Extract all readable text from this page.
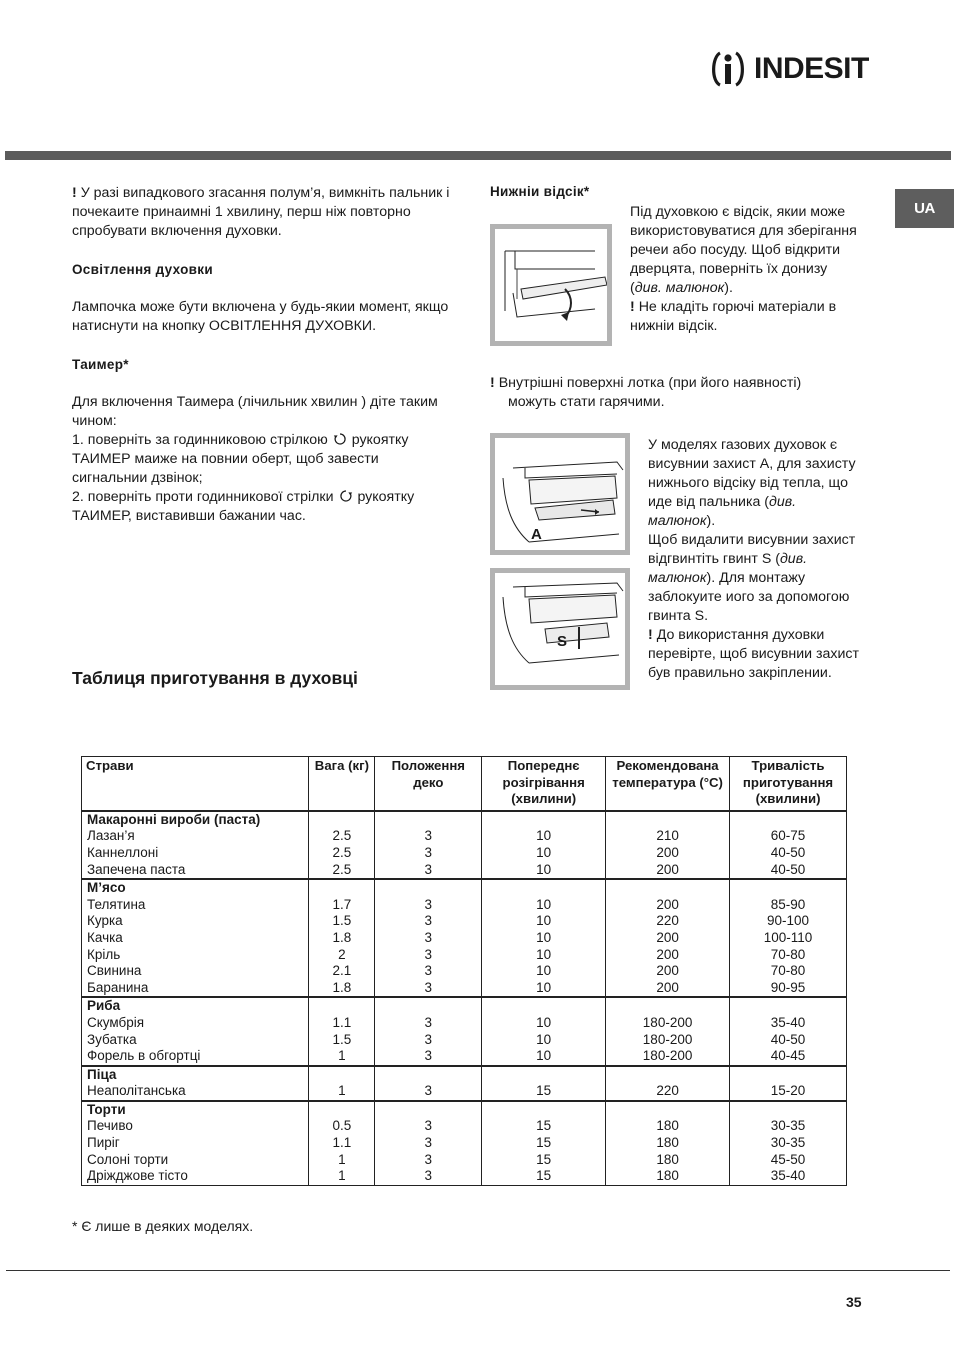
INDESIT
UA

! У разі випадкового згасання полум’я, вимкніть пальник і почекаите принаимні 1 хвилину, перш ніж повторно спробувати включення духовки.

Освітлення духовки

Лампочка може бути включена у будь-якии момент, якщо натиснути на кнопку ОСВІТЛЕННЯ ДУХОВКИ.

Таимер*

Для включення Таимера (лічильник хвилин ) діте таким чином:

1. поверніть за годинниковою стрілкою рукоятку ТАИМЕР маиже на повнии оберт, щоб завести сигнальнии дзвінок;

2. поверніть проти годинникової стрілки рукоятку ТАИМЕР, виставивши бажании час.

Нижніи відсік*

Під духовкою є відсік, якии може використовуватися для зберігання речеи або посуду. Щоб відкрити дверцята, поверніть їх донизу (див. малюнок).

! Не кладіть горючі матеріали в нижніи відсік.

! Внутрішні поверхні лотка (при його наявності) можуть стати гарячими.

A
S

У моделях газових духовок є висувнии захист А, для захисту нижнього відсіку від тепла, що иде від пальника (див. малюнок).

Щоб видалити висувнии захист відгвинтіть гвинт S (див. малюнок). Для монтажу заблокуите иого за допомогою гвинта S.

! До використання духовки перевірте, щоб висувнии захист був правильно закріплении.

Таблиця приготування в духовці
Страви	Вага (кг)	Положення деко	Попереднє розігрівання (хвилини)	Рекомендована температура (°C)	Тривалість приготування (хвилини)
Макаронні вироби (паста)					
Лазан’я	2.5	3	10	210	60-75
Каннеллоні	2.5	3	10	200	40-50
Запечена паста	2.5	3	10	200	40-50
М’ясо					
Телятина	1.7	3	10	200	85-90
Курка	1.5	3	10	220	90-100
Качка	1.8	3	10	200	100-110
Кріль	2	3	10	200	70-80
Свинина	2.1	3	10	200	70-80
Баранина	1.8	3	10	200	90-95
Риба					
Скумбрія	1.1	3	10	180-200	35-40
Зубатка	1.5	3	10	180-200	40-50
Форель в обгортці	1	3	10	180-200	40-45
Піца					
Неаполітанська	1	3	15	220	15-20
Торти					
Печиво	0.5	3	15	180	30-35
Пиріг	1.1	3	15	180	30-35
Солоні торти	1	3	15	180	45-50
Дріжджове тісто	1	3	15	180	35-40
* Є лише в деяких моделях.
35
